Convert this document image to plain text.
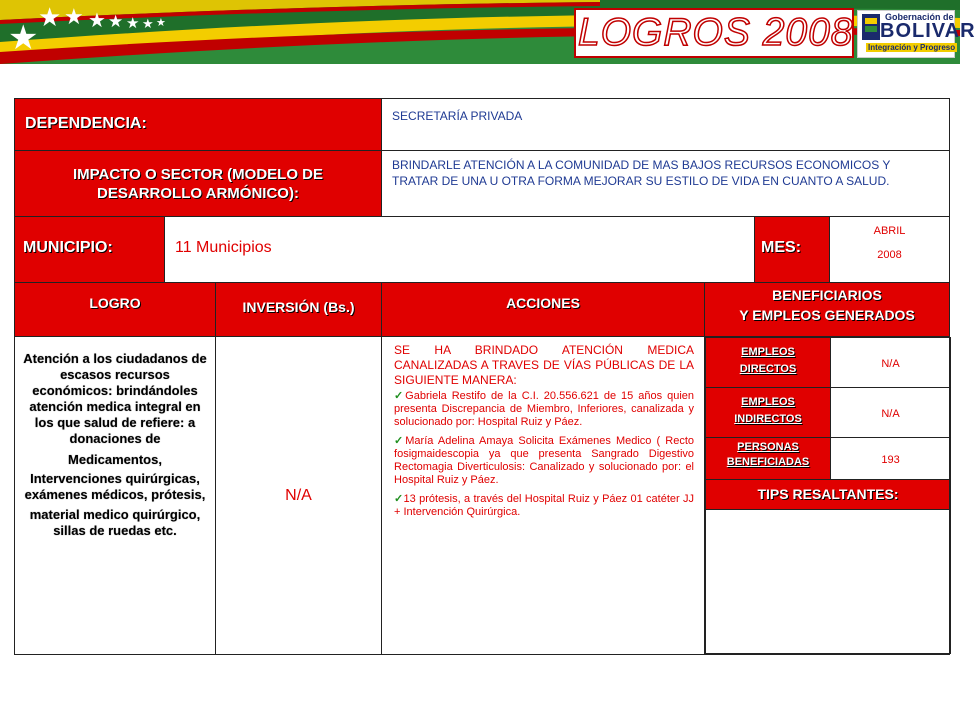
★
★ ★ ★ ★ ★ ★ ★	LOGROS 2008	Gobernación de
BOLIVAR
Integración y Progreso
DEPENDENCIA:	SECRETARÍA PRIVADA
IMPACTO O SECTOR (MODELO DE DESARROLLO ARMÓNICO):	
BRINDARLE ATENCIÓN A LA COMUNIDAD DE MAS BAJOS RECURSOS ECONOMICOS Y TRATAR DE UNA U OTRA FORMA MEJORAR SU ESTILO DE VIDA EN CUANTO A SALUD.

MUNICIPIO:	11 Municipios	MES:	
ABRIL
2008

LOGRO	INVERSIÓN (Bs.)	ACCIONES	BENEFICIARIOS
Y EMPLEOS GENERADOS

Atención a los ciudadanos de escasos recursos económicos: brindándoles atención medica integral en los que salud de refiere: a donaciones de
Medicamentos,
Intervenciones quirúrgicas, exámenes médicos, prótesis,
material medico quirúrgico, sillas de ruedas etc.
	N/A	
SE HA BRINDADO ATENCIÓN MEDICA CANALIZADAS A TRAVES DE VÍAS PÚBLICAS DE LA SIGUIENTE MANERA:
✓Gabriela Restifo de la C.I. 20.556.621 de 15 años quien presenta Discrepancia de Miembro, Inferiores, canalizada y solucionado por: Hospital Ruiz y Páez.
✓María Adelina Amaya Solicita Exámenes Medico ( Recto fosigmaidescopia ya que presenta Sangrado Digestivo Rectomagia Diverticulosis: Canalizado y solucionado por: el Hospital Ruiz y Páez.
✓13 prótesis, a través del Hospital Ruiz y Páez 01 catéter JJ + Intervención Quirúrgica.

EMPLEOS
DIRECTOS	N/A
EMPLEOS
INDIRECTOS	N/A
PERSONAS
BENEFICIADAS	193
TIPS RESALTANTES:
